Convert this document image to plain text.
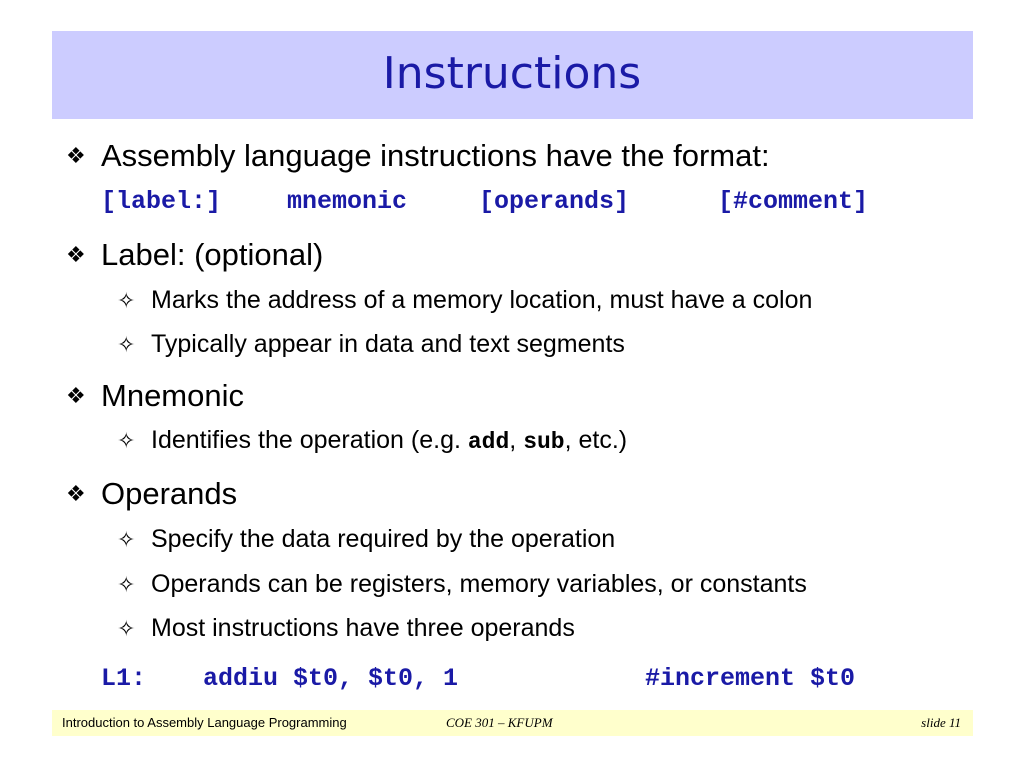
Instructions
❖ Assembly language instructions have the format:
[label:]	mnemonic	[operands]	[#comment]
❖ Label: (optional)
✧ Marks the address of a memory location, must have a colon
✧ Typically appear in data and text segments
❖ Mnemonic
✧ Identifies the operation (e.g. add, sub, etc.)
❖ Operands
✧ Specify the data required by the operation
✧ Operands can be registers, memory variables, or constants
✧ Most instructions have three operands
L1: addiu $t0, $t0, 1	#increment $t0
Introduction to Assembly Language Programming	COE 301 – KFUPM	slide 11
